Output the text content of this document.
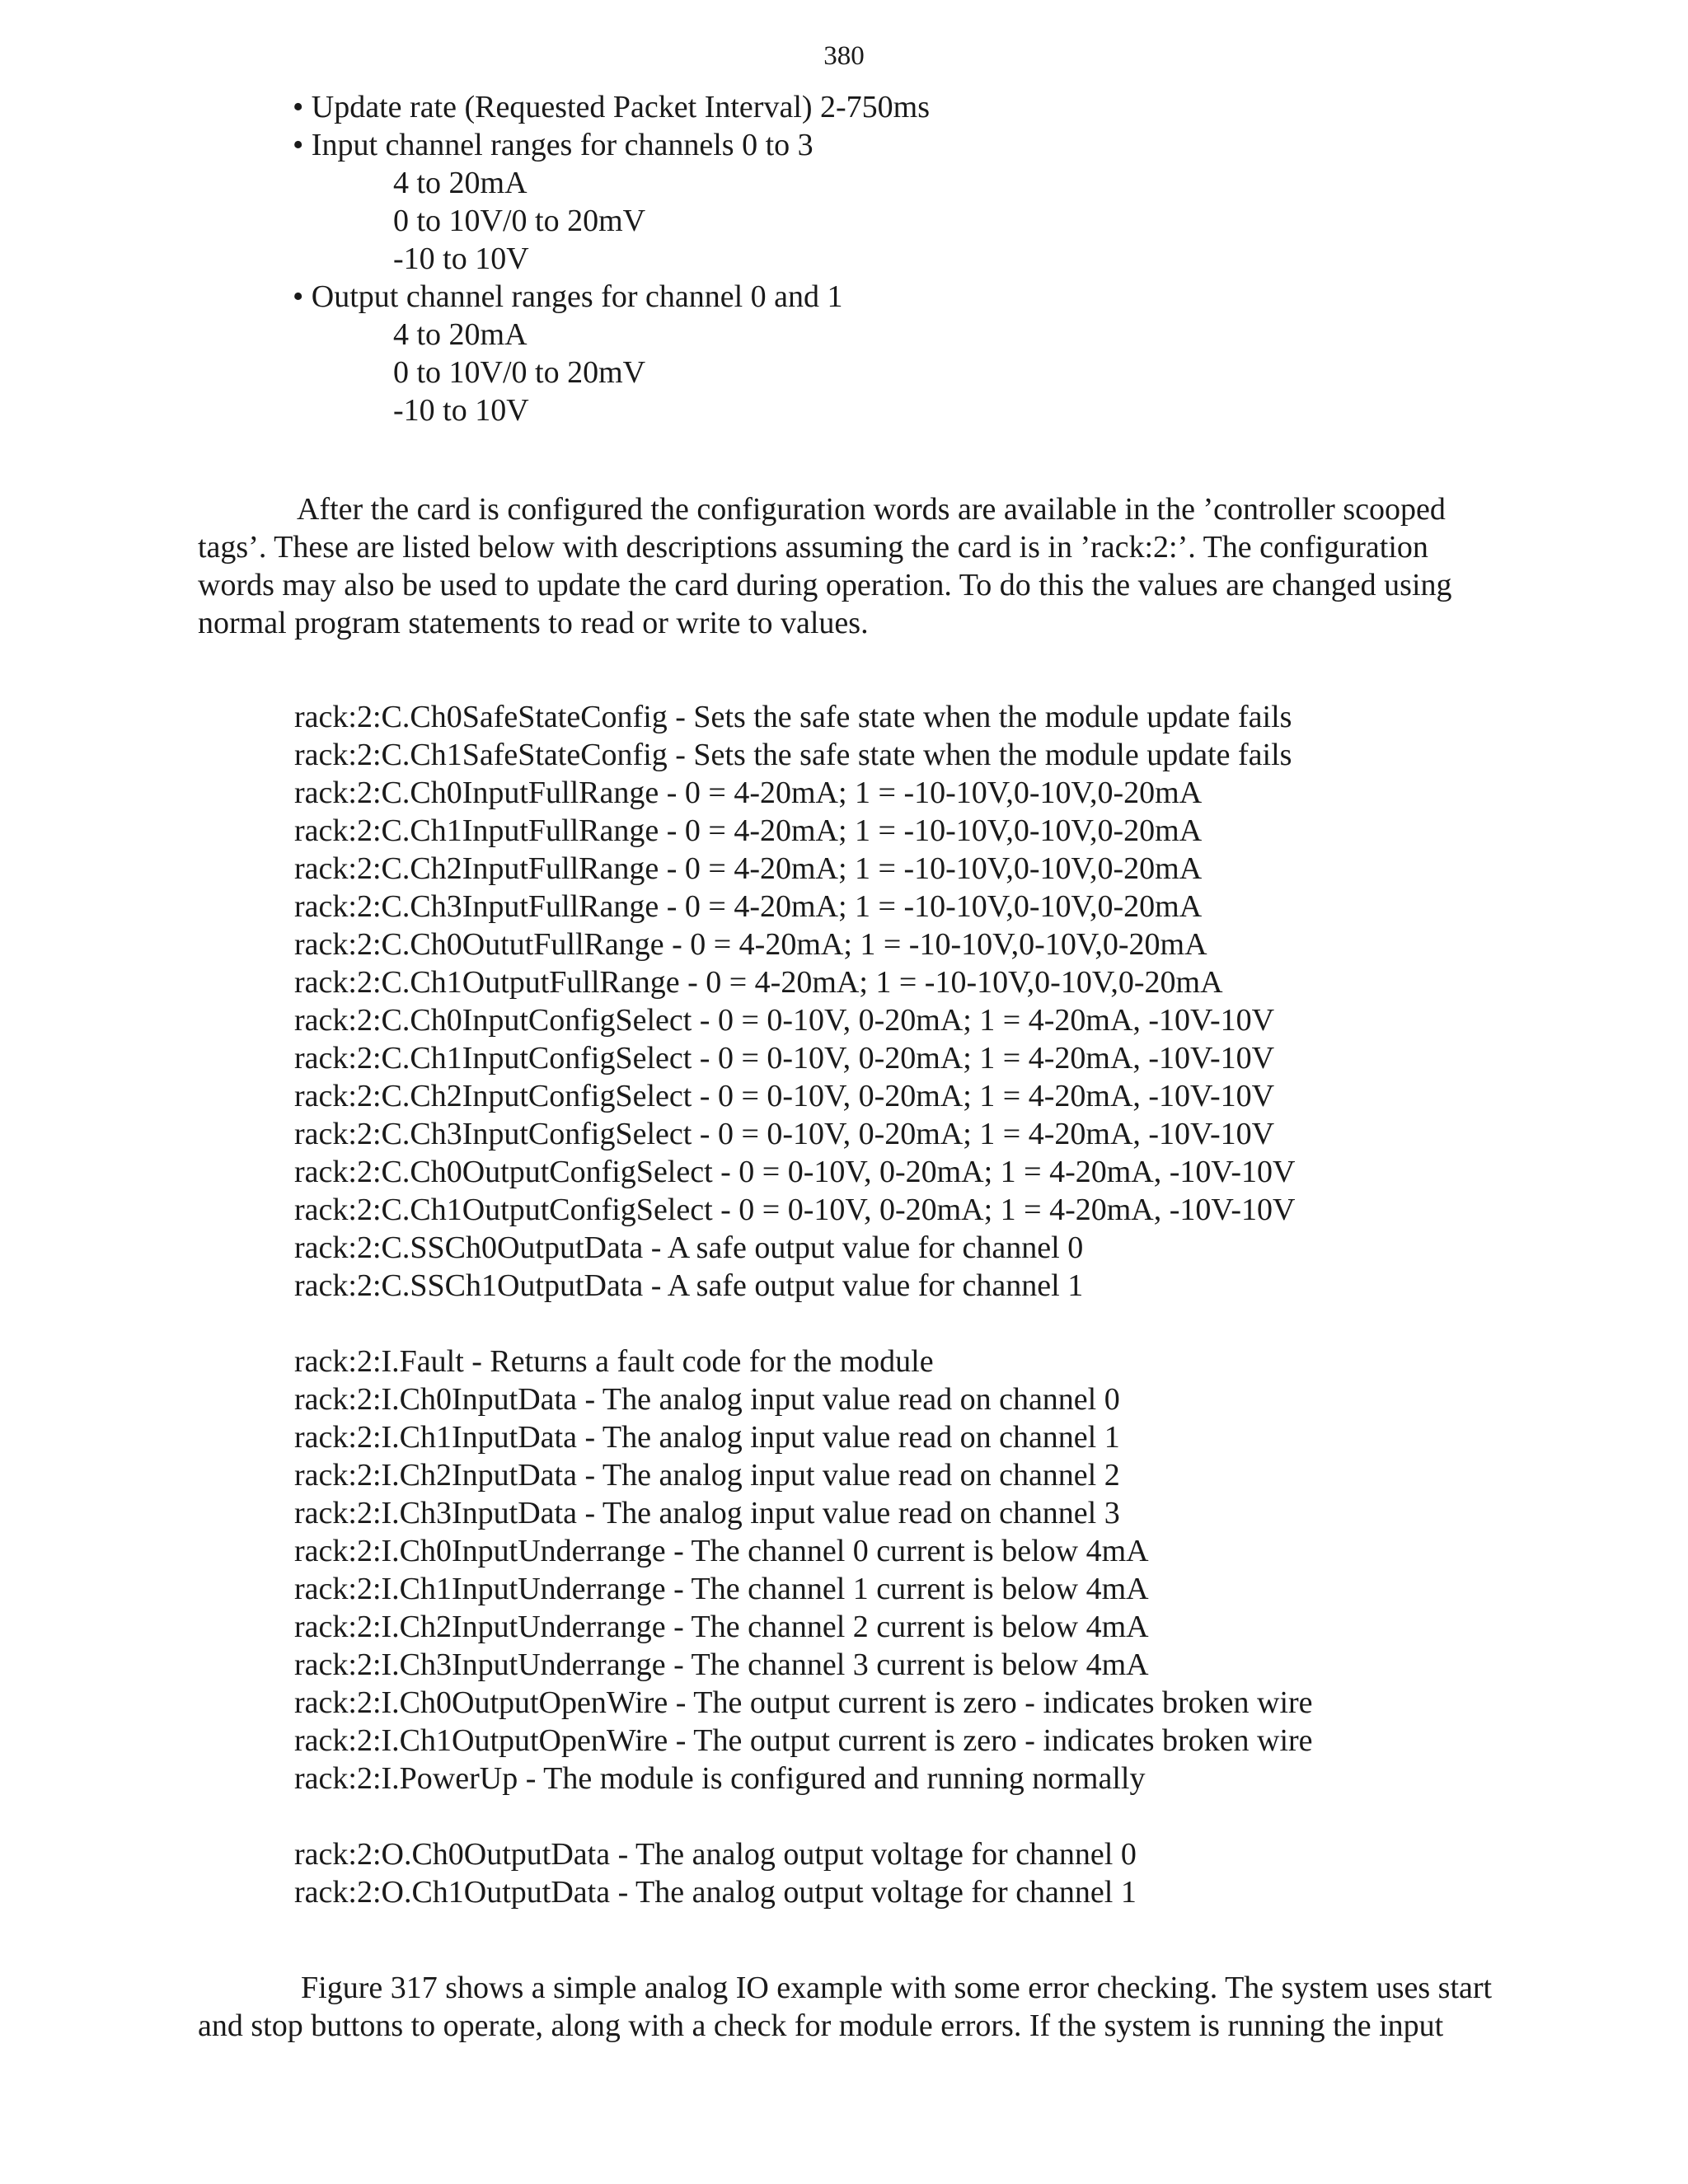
380
• Update rate (Requested Packet Interval) 2-750ms
• Input channel ranges for channels 0 to 3
4 to 20mA
0 to 10V/0 to 20mV
-10 to 10V
• Output channel ranges for channel 0 and 1
4 to 20mA
0 to 10V/0 to 20mV
-10 to 10V
After the card is configured the configuration words are available in the ’controller scooped
tags’. These are listed below with descriptions assuming the card is in ’rack:2:’. The configuration
words may also be used to update the card during operation. To do this the values are changed using
normal program statements to read or write to values.
rack:2:C.Ch0SafeStateConfig - Sets the safe state when the module update fails
rack:2:C.Ch1SafeStateConfig - Sets the safe state when the module update fails
rack:2:C.Ch0InputFullRange - 0 = 4-20mA; 1 = -10-10V,0-10V,0-20mA
rack:2:C.Ch1InputFullRange - 0 = 4-20mA; 1 = -10-10V,0-10V,0-20mA
rack:2:C.Ch2InputFullRange - 0 = 4-20mA; 1 = -10-10V,0-10V,0-20mA
rack:2:C.Ch3InputFullRange - 0 = 4-20mA; 1 = -10-10V,0-10V,0-20mA
rack:2:C.Ch0OututFullRange - 0 = 4-20mA; 1 = -10-10V,0-10V,0-20mA
rack:2:C.Ch1OutputFullRange - 0 = 4-20mA; 1 = -10-10V,0-10V,0-20mA
rack:2:C.Ch0InputConfigSelect - 0 = 0-10V, 0-20mA; 1 = 4-20mA, -10V-10V
rack:2:C.Ch1InputConfigSelect - 0 = 0-10V, 0-20mA; 1 = 4-20mA, -10V-10V
rack:2:C.Ch2InputConfigSelect - 0 = 0-10V, 0-20mA; 1 = 4-20mA, -10V-10V
rack:2:C.Ch3InputConfigSelect - 0 = 0-10V, 0-20mA; 1 = 4-20mA, -10V-10V
rack:2:C.Ch0OutputConfigSelect - 0 = 0-10V, 0-20mA; 1 = 4-20mA, -10V-10V
rack:2:C.Ch1OutputConfigSelect - 0 = 0-10V, 0-20mA; 1 = 4-20mA, -10V-10V
rack:2:C.SSCh0OutputData - A safe output value for channel 0
rack:2:C.SSCh1OutputData - A safe output value for channel 1
rack:2:I.Fault - Returns a fault code for the module
rack:2:I.Ch0InputData - The analog input value read on channel 0
rack:2:I.Ch1InputData - The analog input value read on channel 1
rack:2:I.Ch2InputData - The analog input value read on channel 2
rack:2:I.Ch3InputData - The analog input value read on channel 3
rack:2:I.Ch0InputUnderrange - The channel 0 current is below 4mA
rack:2:I.Ch1InputUnderrange - The channel 1 current is below 4mA
rack:2:I.Ch2InputUnderrange - The channel 2 current is below 4mA
rack:2:I.Ch3InputUnderrange - The channel 3 current is below 4mA
rack:2:I.Ch0OutputOpenWire - The output current is zero - indicates broken wire
rack:2:I.Ch1OutputOpenWire - The output current is zero - indicates broken wire
rack:2:I.PowerUp - The module is configured and running normally
rack:2:O.Ch0OutputData - The analog output voltage for channel 0
rack:2:O.Ch1OutputData - The analog output voltage for channel 1
Figure 317 shows a simple analog IO example with some error checking. The system uses start
and stop buttons to operate, along with a check for module errors. If the system is running the input
